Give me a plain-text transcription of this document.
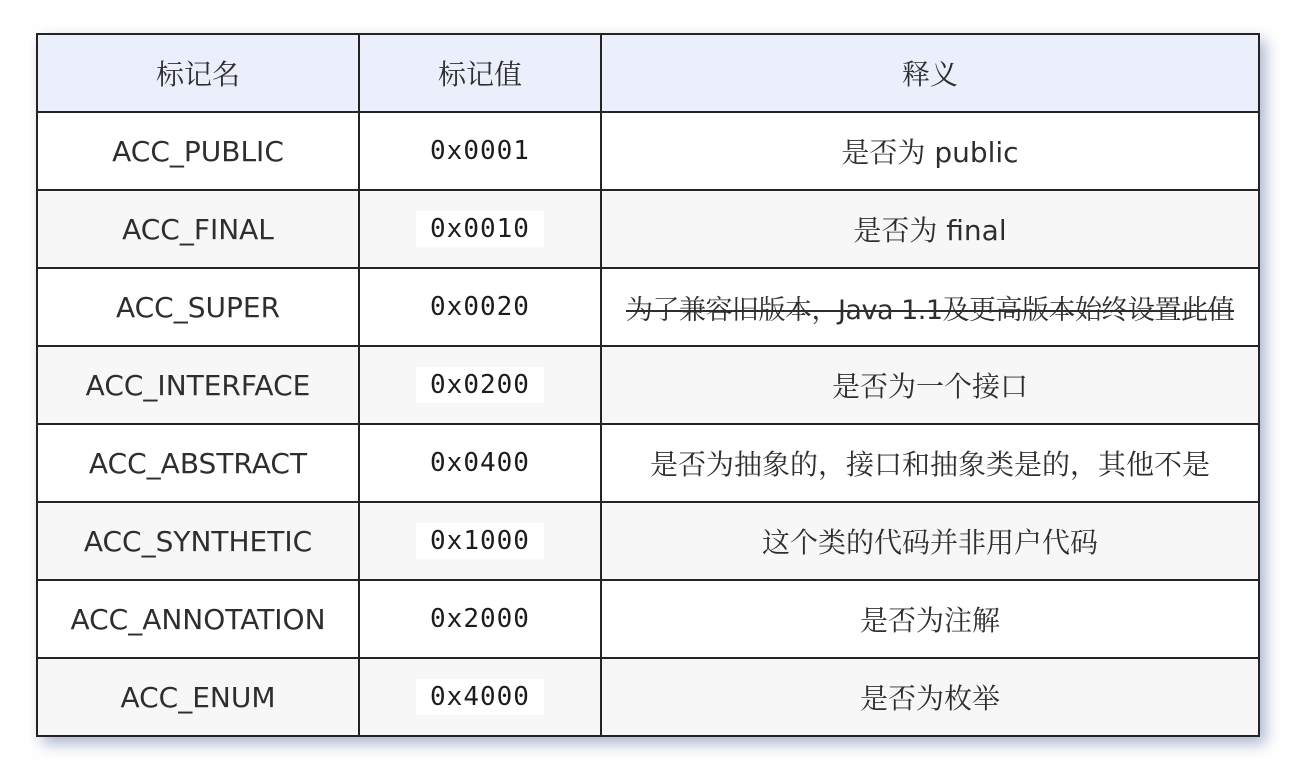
标记名	标记值	释义
ACC_PUBLIC	0x0001	是否为 public
ACC_FINAL	0x0010	是否为 final
ACC_SUPER	0x0020	为了兼容旧版本，Java 1.1及更高版本始终设置此值
ACC_INTERFACE	0x0200	是否为一个接口
ACC_ABSTRACT	0x0400	是否为抽象的，接口和抽象类是的，其他不是
ACC_SYNTHETIC	0x1000	这个类的代码并非用户代码
ACC_ANNOTATION	0x2000	是否为注解
ACC_ENUM	0x4000	是否为枚举
